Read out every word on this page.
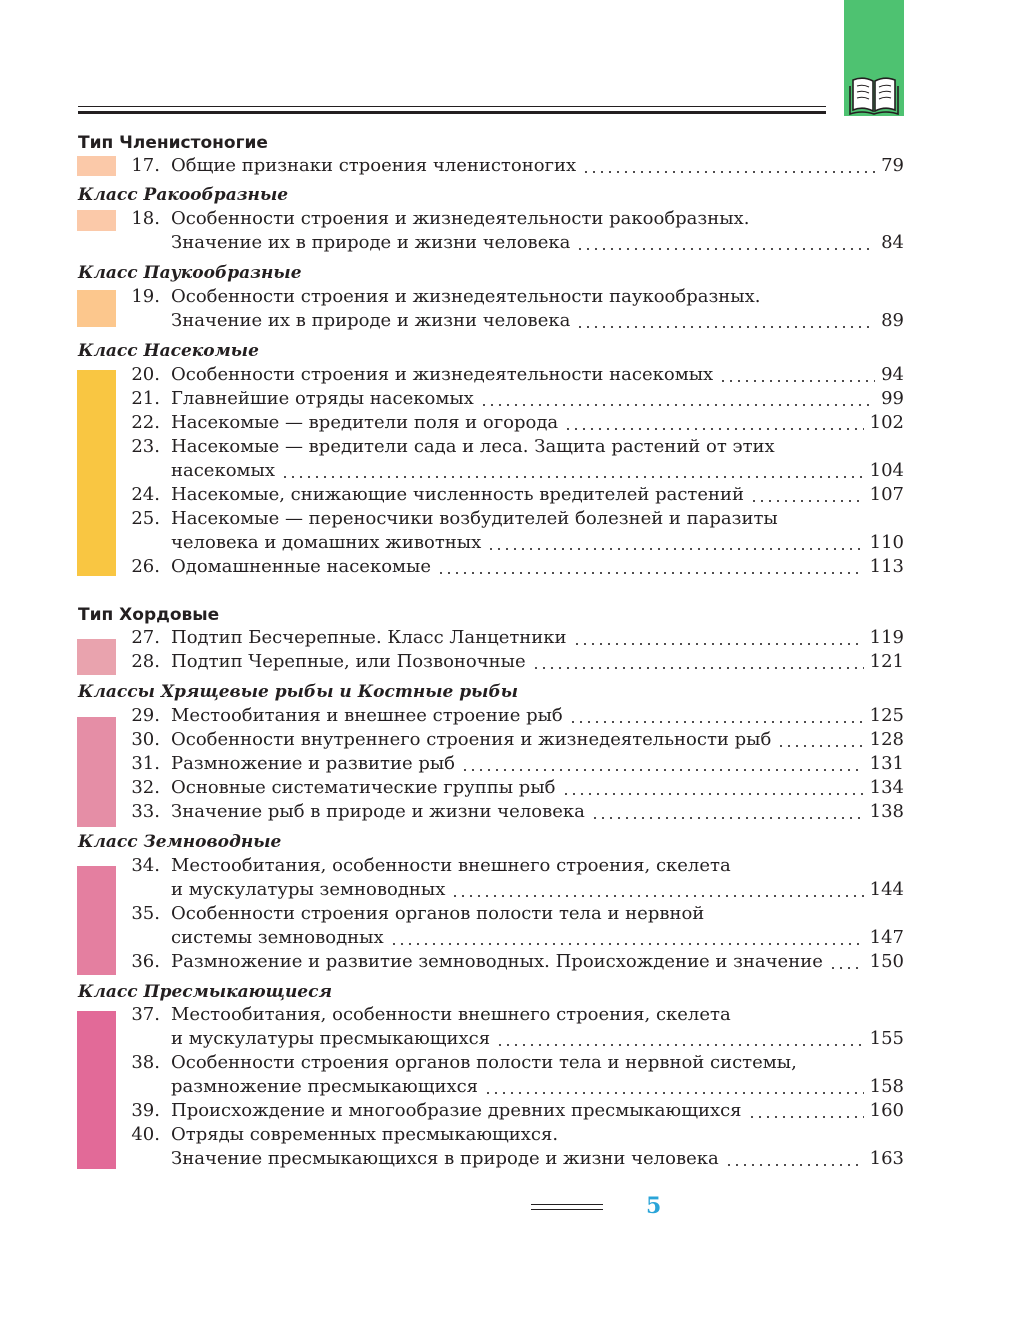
Тип Членистоногие
17. Общие признаки строения членистоногих	79
Класс Ракообразные
18. Особенности строения и жизнедеятельности ракообразных.
Значение их в природе и жизни человека	84
Класс Паукообразные
19. Особенности строения и жизнедеятельности паукообразных.
Значение их в природе и жизни человека	89
Класс Насекомые
20. Особенности строения и жизнедеятельности насекомых	94
21. Главнейшие отряды насекомых	99
22. Насекомые — вредители поля и огорода	102
23. Насекомые — вредители сада и леса. Защита растений от этих
насекомых	104
24. Насекомые, снижающие численность вредителей растений	107
25. Насекомые — переносчики возбудителей болезней и паразиты
человека и домашних животных	110
26. Одомашненные насекомые	113
Тип Хордовые
27. Подтип Бесчерепные. Класс Ланцетники	119
28. Подтип Черепные, или Позвоночные	121
Классы Хрящевые рыбы и Костные рыбы
29. Местообитания и внешнее строение рыб	125
30. Особенности внутреннего строения и жизнедеятельности рыб	128
31. Размножение и развитие рыб	131
32. Основные систематические группы рыб	134
33. Значение рыб в природе и жизни человека	138
Класс Земноводные
34. Местообитания, особенности внешнего строения, скелета
и мускулатуры земноводных	144
35. Особенности строения органов полости тела и нервной
системы земноводных	147
36. Размножение и развитие земноводных. Происхождение и значение	150
Класс Пресмыкающиеся
37. Местообитания, особенности внешнего строения, скелета
и мускулатуры пресмыкающихся	155
38. Особенности строения органов полости тела и нервной системы,
размножение пресмыкающихся	158
39. Происхождение и многообразие древних пресмыкающихся	160
40. Отряды современных пресмыкающихся.
Значение пресмыкающихся в природе и жизни человека	163
5
